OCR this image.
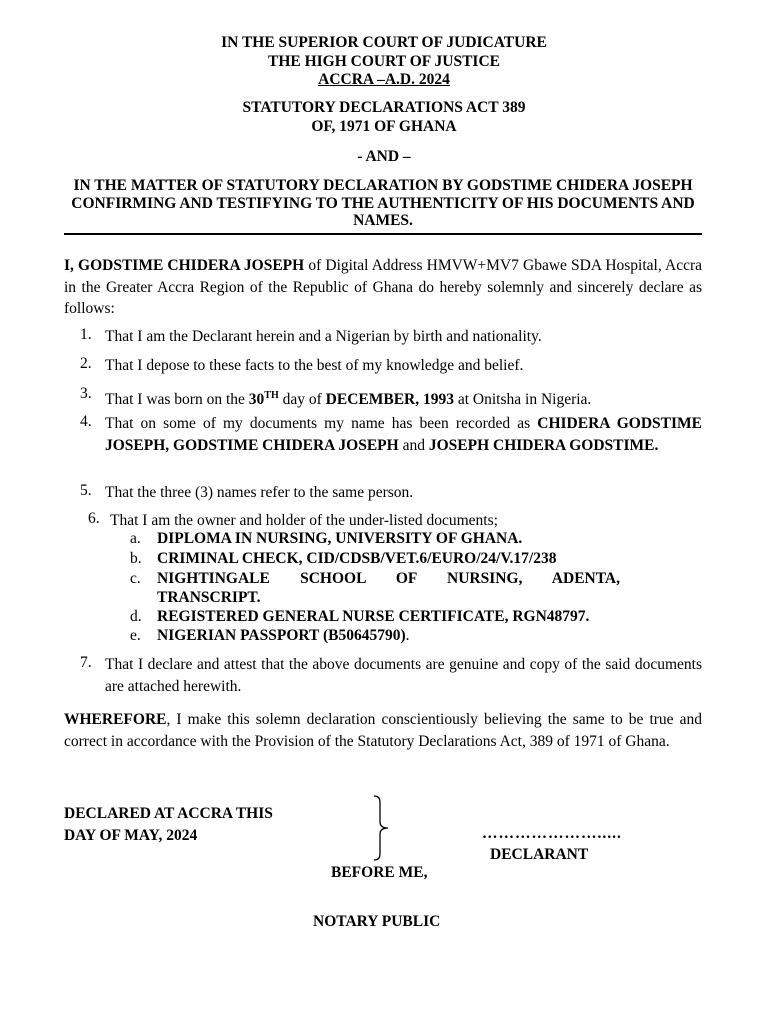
IN THE SUPERIOR COURT OF JUDICATURE
THE HIGH COURT OF JUSTICE
ACCRA –A.D. 2024
STATUTORY DECLARATIONS ACT 389
OF, 1971 OF GHANA
- AND –
IN THE MATTER OF STATUTORY DECLARATION BY GODSTIME CHIDERA JOSEPH CONFIRMING AND TESTIFYING TO THE AUTHENTICITY OF HIS DOCUMENTS AND NAMES.
I, GODSTIME CHIDERA JOSEPH of Digital Address HMVW+MV7 Gbawe SDA Hospital, Accra in the Greater Accra Region of the Republic of Ghana do hereby solemnly and sincerely declare as follows:
1. That I am the Declarant herein and a Nigerian by birth and nationality.
2. That I depose to these facts to the best of my knowledge and belief.
3. That I was born on the 30TH day of DECEMBER, 1993 at Onitsha in Nigeria.
4. That on some of my documents my name has been recorded as CHIDERA GODSTIME JOSEPH, GODSTIME CHIDERA JOSEPH and JOSEPH CHIDERA GODSTIME.
5. That the three (3) names refer to the same person.
6. That I am the owner and holder of the under-listed documents;
a. DIPLOMA IN NURSING, UNIVERSITY OF GHANA.
b. CRIMINAL CHECK, CID/CDSB/VET.6/EURO/24/V.17/238
c. NIGHTINGALE SCHOOL OF NURSING, ADENTA,
TRANSCRIPT.
d. REGISTERED GENERAL NURSE CERTIFICATE, RGN48797.
e. NIGERIAN PASSPORT (B50645790).
7. That I declare and attest that the above documents are genuine and copy of the said documents are attached herewith.
WHEREFORE, I make this solemn declaration conscientiously believing the same to be true and correct in accordance with the Provision of the Statutory Declarations Act, 389 of 1971 of Ghana.
DECLARED AT ACCRA THIS
DAY OF MAY, 2024	………………….....
DECLARANT
BEFORE ME,
NOTARY PUBLIC
